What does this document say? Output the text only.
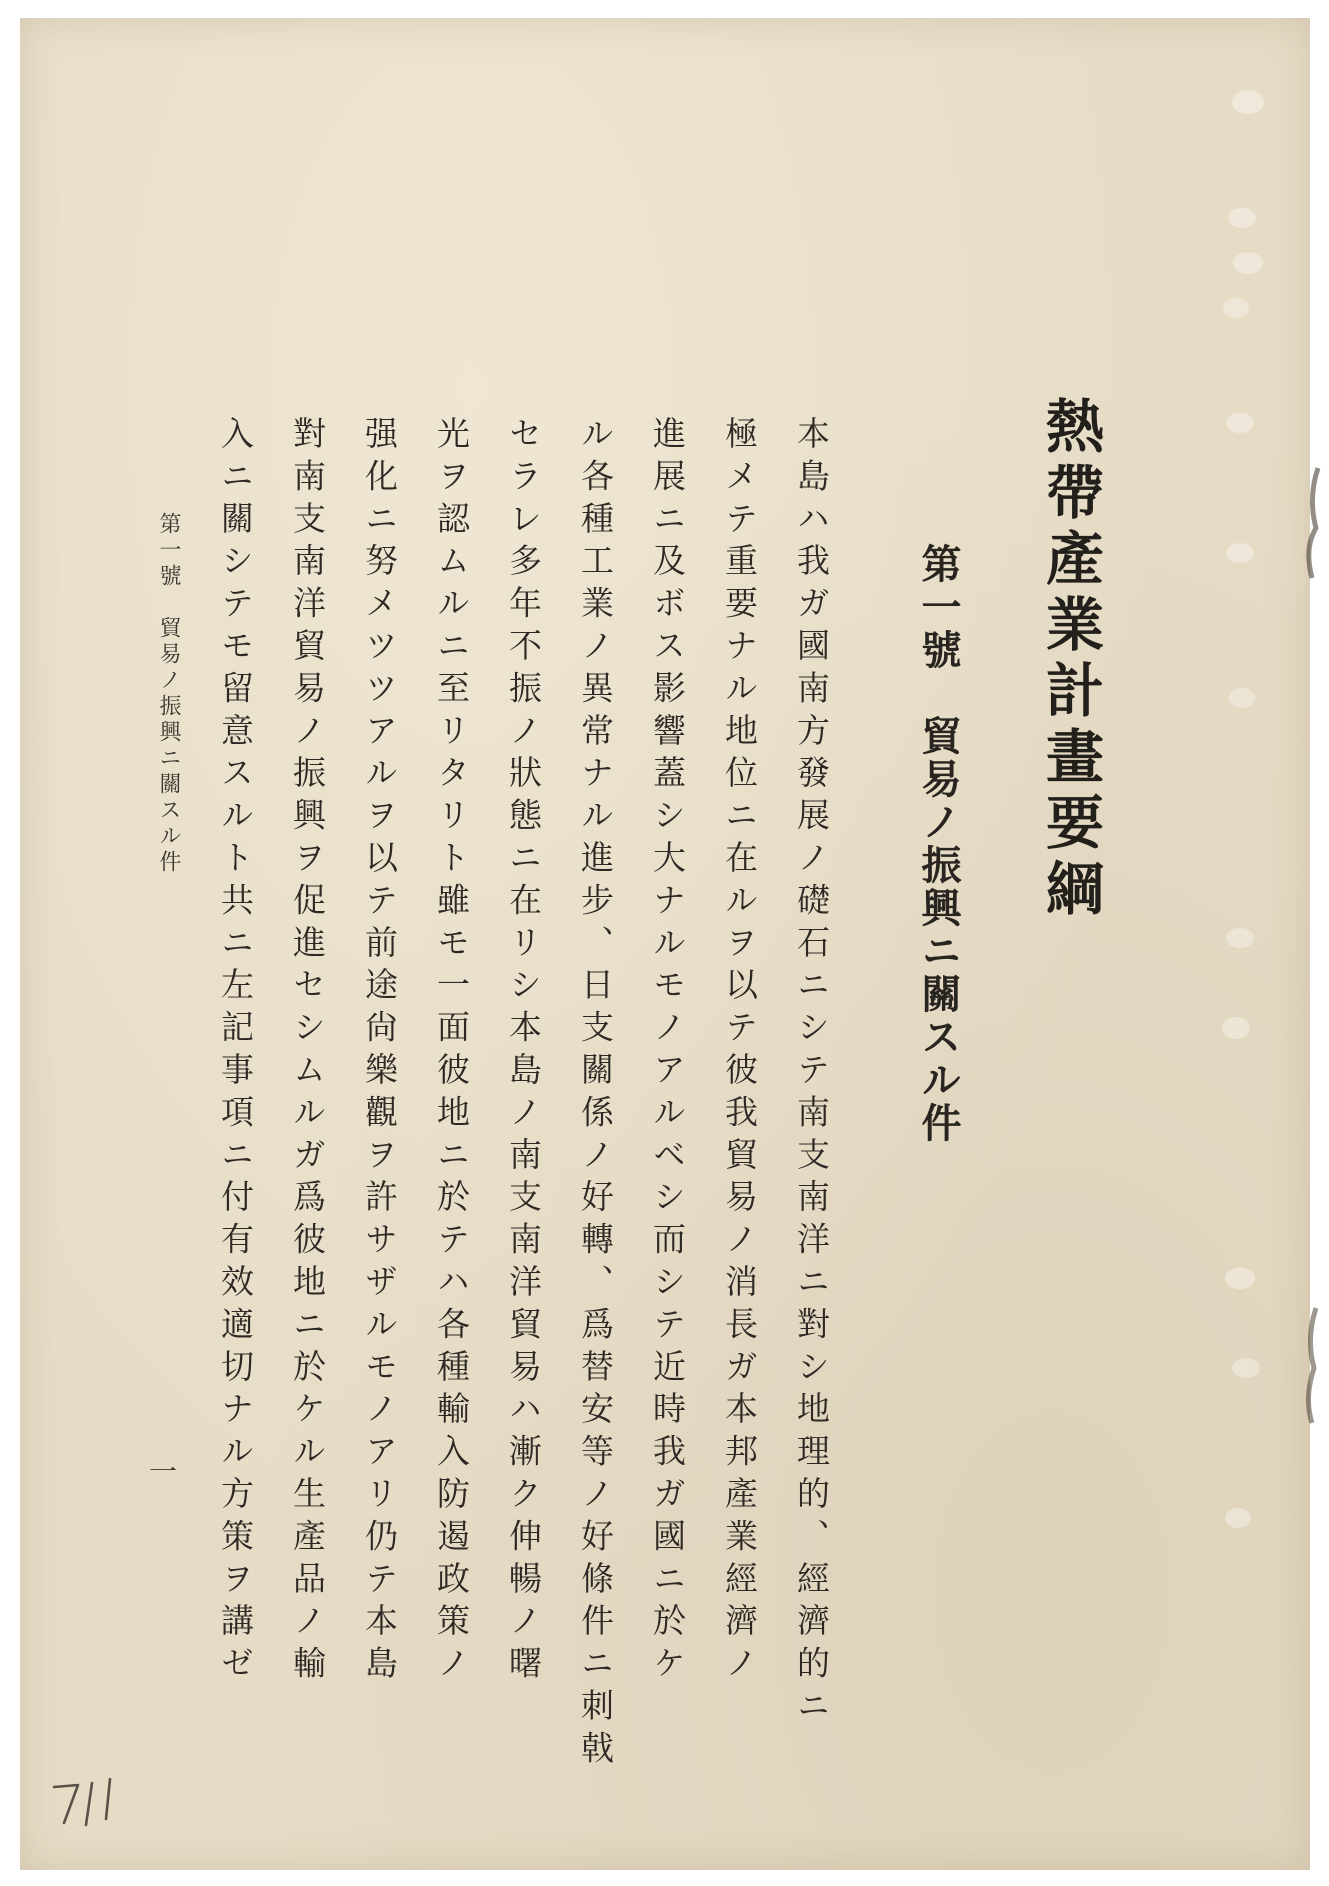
熱帶產業計畫要綱
第一號　貿易ノ振興ニ關スル件
本島ハ我ガ國南方發展ノ礎石ニシテ南支南洋ニ對シ地理的、經濟的ニ
極メテ重要ナル地位ニ在ルヲ以テ彼我貿易ノ消長ガ本邦產業經濟ノ
進展ニ及ボス影響蓋シ大ナルモノアルベシ而シテ近時我ガ國ニ於ケ
ル各種工業ノ異常ナル進步、日支關係ノ好轉、爲替安等ノ好條件ニ刺戟
セラレ多年不振ノ狀態ニ在リシ本島ノ南支南洋貿易ハ漸ク伸暢ノ曙
光ヲ認ムルニ至リタリト雖モ一面彼地ニ於テハ各種輸入防遏政策ノ
强化ニ努メツツアルヲ以テ前途尙樂觀ヲ許サザルモノアリ仍テ本島
對南支南洋貿易ノ振興ヲ促進セシムルガ爲彼地ニ於ケル生產品ノ輸
入ニ關シテモ留意スルト共ニ左記事項ニ付有效適切ナル方策ヲ講ゼ
第一號　貿易ノ振興ニ關スル件
一
